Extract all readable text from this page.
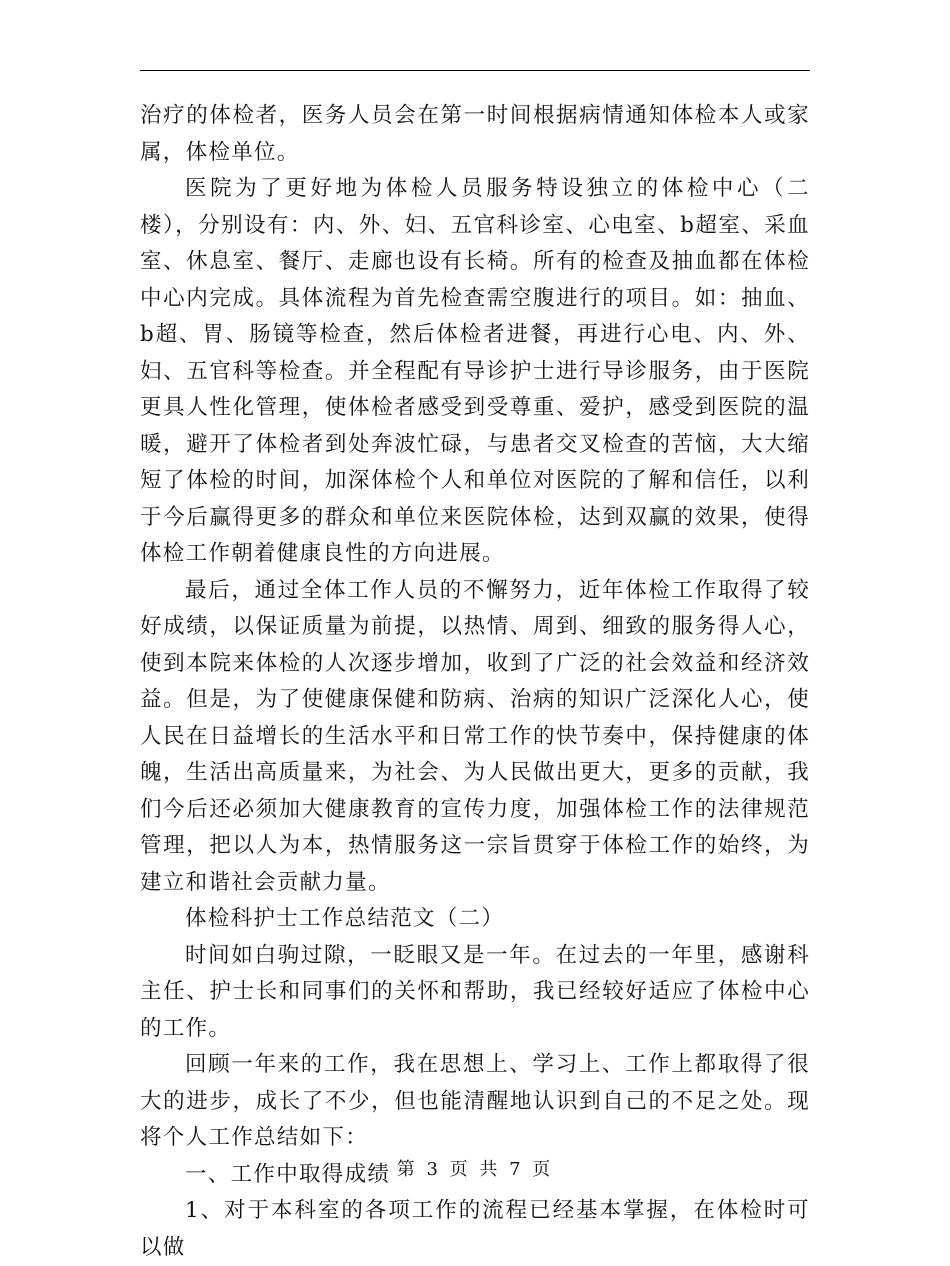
治疗的体检者，医务人员会在第一时间根据病情通知体检本人或家属，体检单位。

医院为了更好地为体检人员服务特设独立的体检中心（二楼），分别设有：内、外、妇、五官科诊室、心电室、b超室、采血室、休息室、餐厅、走廊也设有长椅。所有的检查及抽血都在体检中心内完成。具体流程为首先检查需空腹进行的项目。如：抽血、b超、胃、肠镜等检查，然后体检者进餐，再进行心电、内、外、妇、五官科等检查。并全程配有导诊护士进行导诊服务，由于医院更具人性化管理，使体检者感受到受尊重、爱护，感受到医院的温暖，避开了体检者到处奔波忙碌，与患者交叉检查的苦恼，大大缩短了体检的时间，加深体检个人和单位对医院的了解和信任，以利于今后赢得更多的群众和单位来医院体检，达到双赢的效果，使得体检工作朝着健康良性的方向进展。

最后，通过全体工作人员的不懈努力，近年体检工作取得了较好成绩，以保证质量为前提，以热情、周到、细致的服务得人心，使到本院来体检的人次逐步增加，收到了广泛的社会效益和经济效益。但是，为了使健康保健和防病、治病的知识广泛深化人心，使人民在日益增长的生活水平和日常工作的快节奏中，保持健康的体魄，生活出高质量来，为社会、为人民做出更大，更多的贡献，我们今后还必须加大健康教育的宣传力度，加强体检工作的法律规范管理，把以人为本，热情服务这一宗旨贯穿于体检工作的始终，为建立和谐社会贡献力量。

体检科护士工作总结范文（二）

时间如白驹过隙，一眨眼又是一年。在过去的一年里，感谢科主任、护士长和同事们的关怀和帮助，我已经较好适应了体检中心的工作。

回顾一年来的工作，我在思想上、学习上、工作上都取得了很大的进步，成长了不少，但也能清醒地认识到自己的不足之处。现将个人工作总结如下：

一、工作中取得成绩

1、对于本科室的各项工作的流程已经基本掌握，在体检时可以做

第 3 页 共 7 页
